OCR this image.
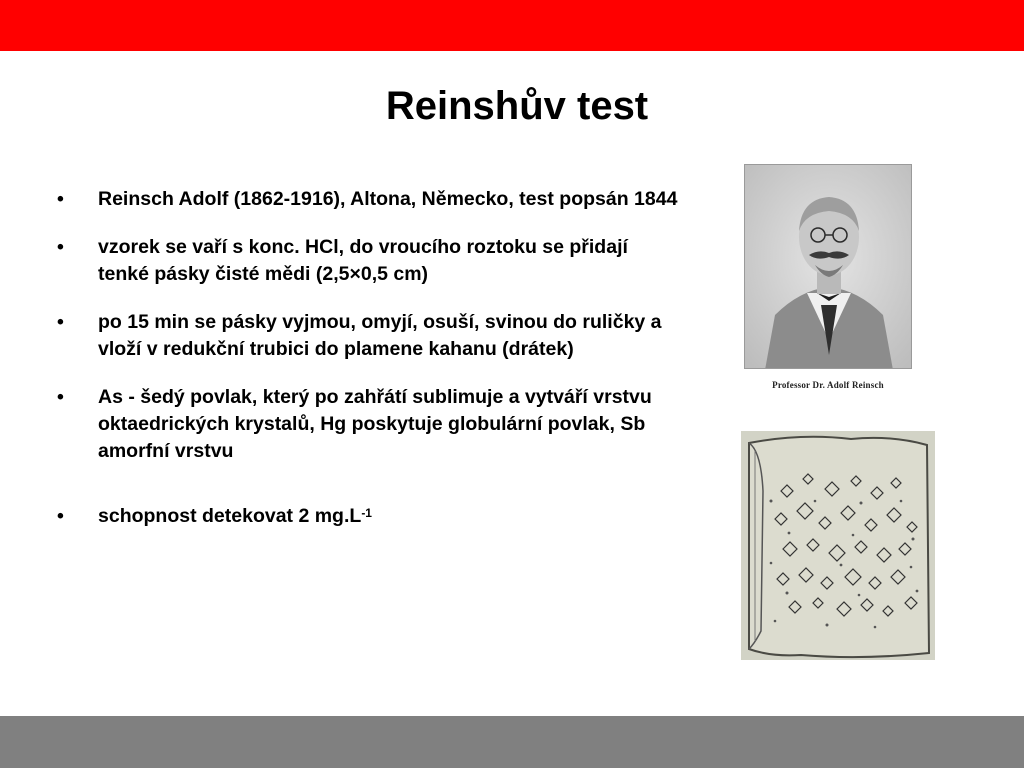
Reinshův test
• Reinsch Adolf (1862-1916), Altona, Německo, test popsán 1844
• vzorek se vaří s konc. HCl, do vroucího roztoku se přidají tenké pásky čisté mědi (2,5×0,5 cm)
• po 15 min se pásky vyjmou, omyjí, osuší, svinou do ruličky a vloží v redukční trubici do plamene kahanu (drátek)
• As - šedý povlak, který po zahřátí sublimuje a vytváří vrstvu oktaedrických krystalů, Hg poskytuje globulární povlak, Sb amorfní vrstvu
• schopnost detekovat 2 $mg.L^{-1}$
Professor Dr. Adolf Reinsch
